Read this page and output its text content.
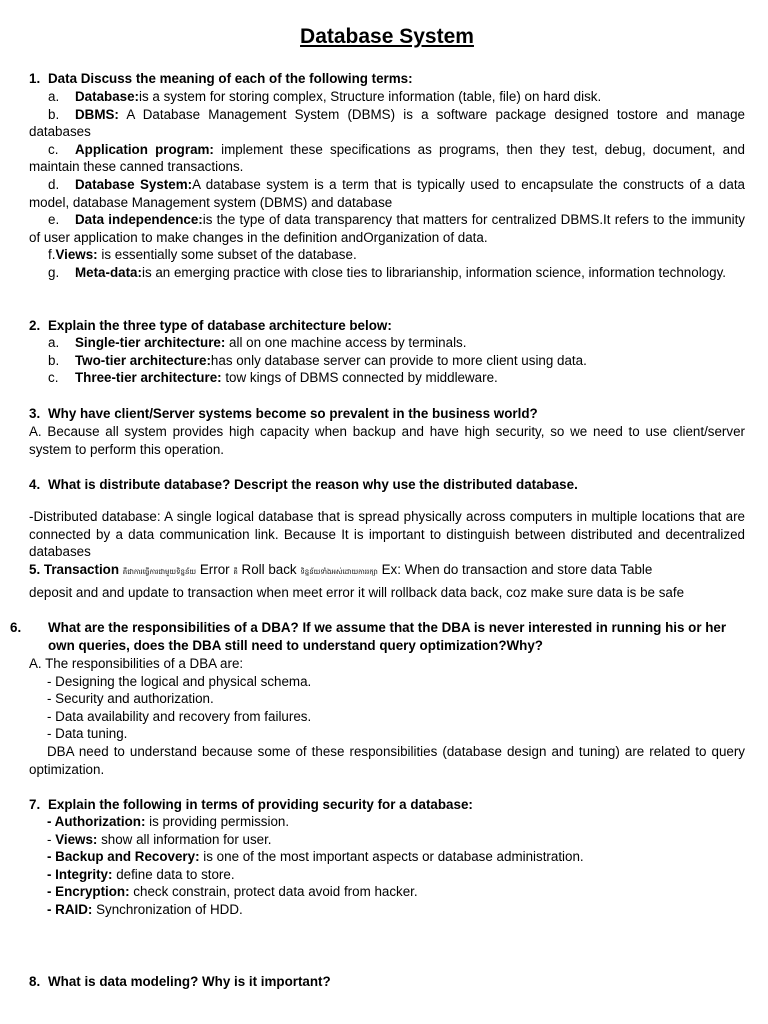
Database System
1. Data Discuss the meaning of each of the following terms:
a. Database:is a system for storing complex, Structure information (table, file) on hard disk.
b. DBMS: A Database Management System (DBMS) is a software package designed tostore and manage databases
c. Application program: implement these specifications as programs, then they test, debug, document, and maintain these canned transactions.
d. Database System:A database system is a term that is typically used to encapsulate the constructs of a data model, database Management system (DBMS) and database
e. Data independence:is the type of data transparency that matters for centralized DBMS.It refers to the immunity of user application to make changes in the definition andOrganization of data.
f.Views: is essentially some subset of the database.
g. Meta-data:is an emerging practice with close ties to librarianship, information science, information technology.
2. Explain the three type of database architecture below:
a. Single-tier architecture: all on one machine access by terminals.
b. Two-tier architecture:has only database server can provide to more client using data.
c. Three-tier architecture: tow kings of DBMS connected by middleware.
3. Why have client/Server systems become so prevalent in the business world?
A. Because all system provides high capacity when backup and have high security, so we need to use client/server system to perform this operation.
4. What is distribute database? Descript the reason why use the distributed database.
-Distributed database: A single logical database that is spread physically across computers in multiple locations that are connected by a data communication link. Because It is important to distinguish between distributed and decentralized databases
5. Transaction គឺជាការធ្វើការជាមួយទិន្នន័យ Error គឺ Roll back ទិន្នន័យទាំងអស់ដោយការរក្សា Ex: When do transaction and store data Table
deposit and and update to transaction when meet error it will rollback data back, coz make sure data is be safe
6. What are the responsibilities of a DBA? If we assume that the DBA is never interested in running his or her own queries, does the DBA still need to understand query optimization?Why?
A. The responsibilities of a DBA are:
- Designing the logical and physical schema.
- Security and authorization.
- Data availability and recovery from failures.
- Data tuning.
DBA need to understand because some of these responsibilities (database design and tuning) are related to query optimization.
7. Explain the following in terms of providing security for a database:
- Authorization: is providing permission.
- Views: show all information for user.
- Backup and Recovery: is one of the most important aspects or database administration.
- Integrity: define data to store.
- Encryption: check constrain, protect data avoid from hacker.
- RAID: Synchronization of HDD.
8. What is data modeling? Why is it important?
